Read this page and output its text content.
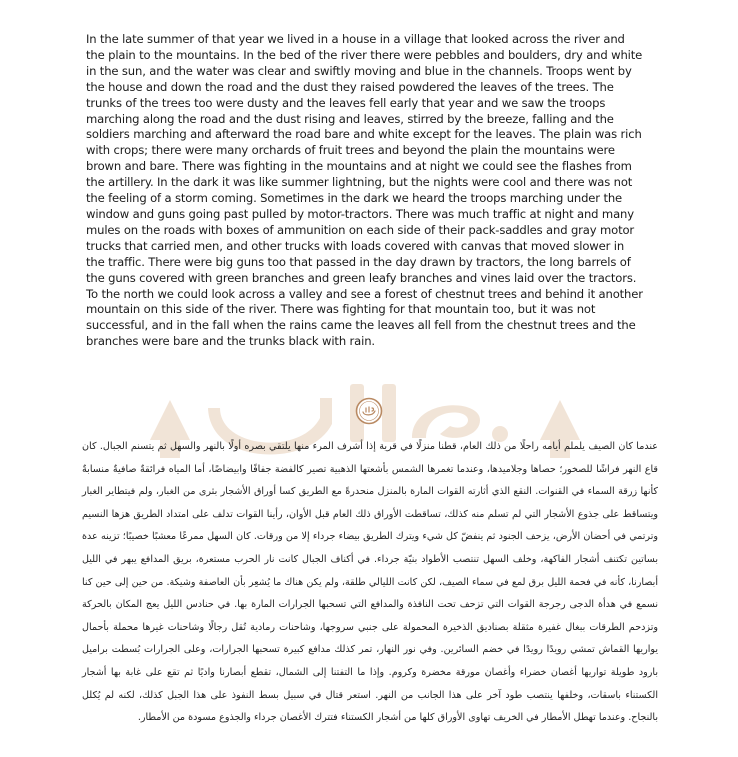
In the late summer of that year we lived in a house in a village that looked across the river and the plain to the mountains. In the bed of the river there were pebbles and boulders, dry and white in the sun, and the water was clear and swiftly moving and blue in the channels. Troops went by the house and down the road and the dust they raised powdered the leaves of the trees. The trunks of the trees too were dusty and the leaves fell early that year and we saw the troops marching along the road and the dust rising and leaves, stirred by the breeze, falling and the soldiers marching and afterward the road bare and white except for the leaves. The plain was rich with crops; there were many orchards of fruit trees and beyond the plain the mountains were brown and bare. There was fighting in the mountains and at night we could see the flashes from the artillery. In the dark it was like summer lightning, but the nights were cool and there was not the feeling of a storm coming. Sometimes in the dark we heard the troops marching under the window and guns going past pulled by motor-tractors. There was much traffic at night and many mules on the roads with boxes of ammunition on each side of their pack-saddles and gray motor trucks that carried men, and other trucks with loads covered with canvas that moved slower in the traffic. There were big guns too that passed in the day drawn by tractors, the long barrels of the guns covered with green branches and green leafy branches and vines laid over the tractors. To the north we could look across a valley and see a forest of chestnut trees and behind it another mountain on this side of the river. There was fighting for that mountain too, but it was not successful, and in the fall when the rains came the leaves all fell from the chestnut trees and the branches were bare and the trunks black with rain.

عندما كان الصيف يلملم أيامه راحلًا من ذلك العام، قطنا منزلًا في قرية إذا أشرف المرء منها يلتقي بصره أولًا بالنهر والسهل ثم يتسنم الجبال. كان قاع النهر فراشًا للصخور؛ حصاها وجلاميدها، وعندما تغمرها الشمس بأشعتها الذهبية تصير كالفضة جفافًا وابيضاضًا، أما المياه فرائقةٌ صافيةٌ منسابةٌ كأنها زرقة السماء في القنوات. النقع الذي أثارته القوات المارة بالمنزل منحدرةً مع الطريق كسا أوراق الأشجار بثرى من الغبار، ولم فيتطاير الغبار ويتساقط على جذوع الأشجار التي لم تسلم منه كذلك، تساقطت الأوراق ذلك العام قبل الأوان، رأينا القوات تدلف على امتداد الطريق هزها النسيم وترتمي في أحضان الأرض، يزحف الجنود ثم ينفضّ كل شيء ويترك الطريق بيضاء جرداء إلا من ورقات. كان السهل ممرعًا معشبًا خصيبًا؛ تزينه عدة بساتين تكتنف أشجار الفاكهة، وخلف السهل تنتصب الأطواد بنيّة جرداء. في أكناف الجبال كانت نار الحرب مستعرة، بريق المدافع يبهر في الليل أبصارنا، كأنه في فحمة الليل برق لمع في سماء الصيف، لكن كانت الليالي طلقة، ولم يكن هناك ما يُشعِر بأن العاصفة وشيكة. من حين إلى حين كنا نسمع في هدأة الدجى رجرجة القوات التي تزحف تحت النافذة والمدافع التي تسحبها الجرارات المارة بها. في حنادس الليل يعج المكان بالحركة وتزدحم الطرقات ببغال غفيرة مثقلة بصناديق الذخيرة المحمولة على جنبي سروجها، وشاحنات رمادية تُقل رجالًا وشاحنات غيرها محملة بأحمال يواريها القماش تمشي رويدًا رويدًا في خضم السائرين. وفي نور النهار، تمر كذلك مدافع كبيرة تسحبها الجرارات، وعلى الجرارات بُسطت براميل بارود طويلة تواريها أغصان خضراء وأغصان مورقة مخضرة وكروم. وإذا ما التفتنا إلى الشمال، تقطع أبصارنا واديًا ثم تقع على غابة بها أشجار الكستناء باسقات، وخلفها ينتصب طود آخر على هذا الجانب من النهر. استعر قتال في سبيل بسط النفوذ على هذا الجبل كذلك، لكنه لم يُكلل بالنجاح. وعندما تهطل الأمطار في الخريف تهاوى الأوراق كلها من أشجار الكستناء فتترك الأغصان جرداء والجذوع مسودة من الأمطار.
